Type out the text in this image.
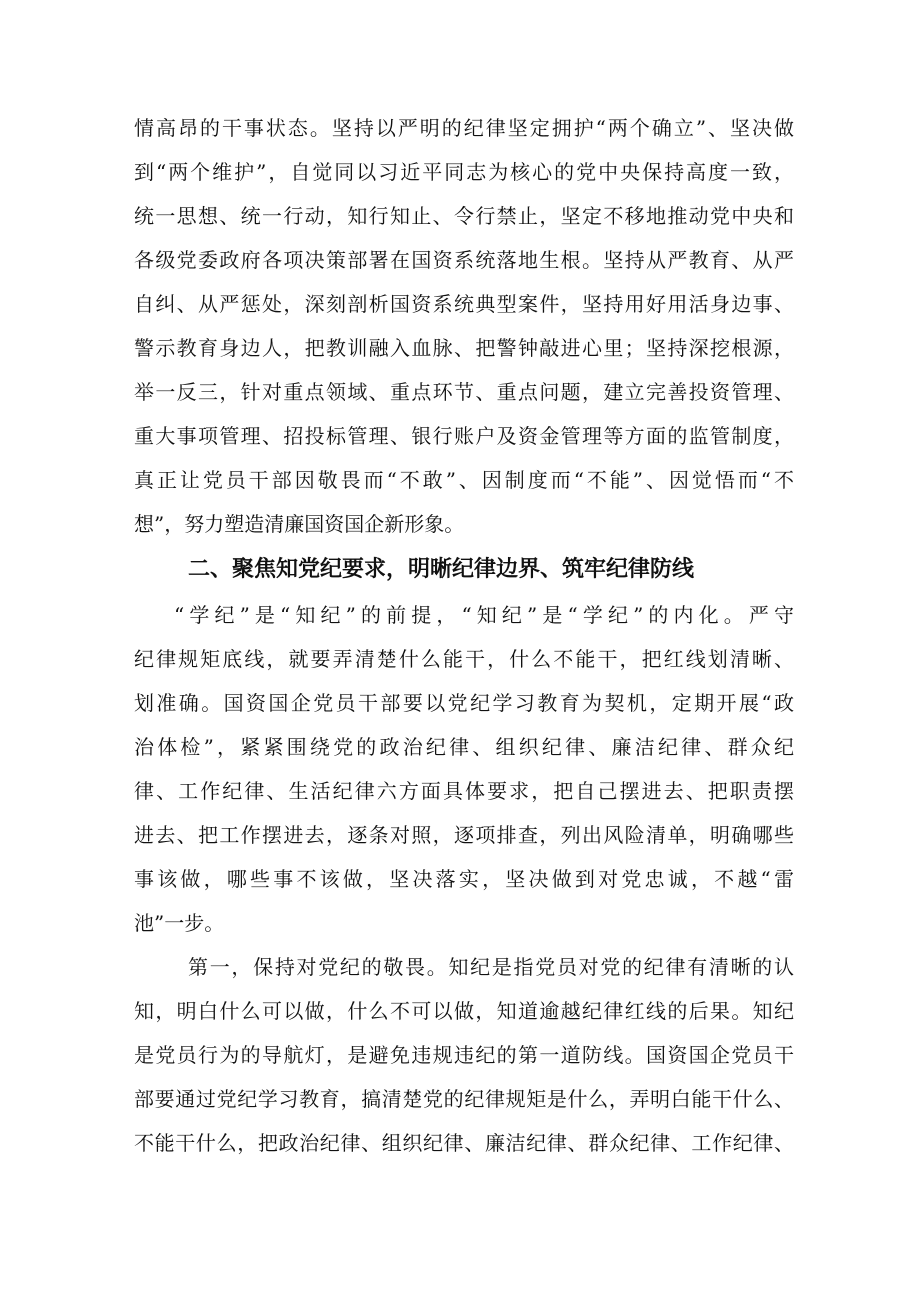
情高昂的干事状态。坚持以严明的纪律坚定拥护“两个确立”、坚决做
到“两个维护”，自觉同以习近平同志为核心的党中央保持高度一致，
统一思想、统一行动，知行知止、令行禁止，坚定不移地推动党中央和
各级党委政府各项决策部署在国资系统落地生根。坚持从严教育、从严
自纠、从严惩处，深刻剖析国资系统典型案件，坚持用好用活身边事、
警示教育身边人，把教训融入血脉、把警钟敲进心里；坚持深挖根源，
举一反三，针对重点领域、重点环节、重点问题，建立完善投资管理、
重大事项管理、招投标管理、银行账户及资金管理等方面的监管制度，
真正让党员干部因敬畏而“不敢”、因制度而“不能”、因觉悟而“不
想”，努力塑造清廉国资国企新形象。
二、聚焦知党纪要求，明晰纪律边界、筑牢纪律防线
“学纪”是“知纪”的前提，“知纪”是“学纪”的内化。严守
纪律规矩底线，就要弄清楚什么能干，什么不能干，把红线划清晰、
划准确。国资国企党员干部要以党纪学习教育为契机，定期开展“政
治体检”，紧紧围绕党的政治纪律、组织纪律、廉洁纪律、群众纪
律、工作纪律、生活纪律六方面具体要求，把自己摆进去、把职责摆
进去、把工作摆进去，逐条对照，逐项排查，列出风险清单，明确哪些
事该做，哪些事不该做，坚决落实，坚决做到对党忠诚，不越“雷
池”一步。
第一，保持对党纪的敬畏。知纪是指党员对党的纪律有清晰的认
知，明白什么可以做，什么不可以做，知道逾越纪律红线的后果。知纪
是党员行为的导航灯，是避免违规违纪的第一道防线。国资国企党员干
部要通过党纪学习教育，搞清楚党的纪律规矩是什么，弄明白能干什么、
不能干什么，把政治纪律、组织纪律、廉洁纪律、群众纪律、工作纪律、
